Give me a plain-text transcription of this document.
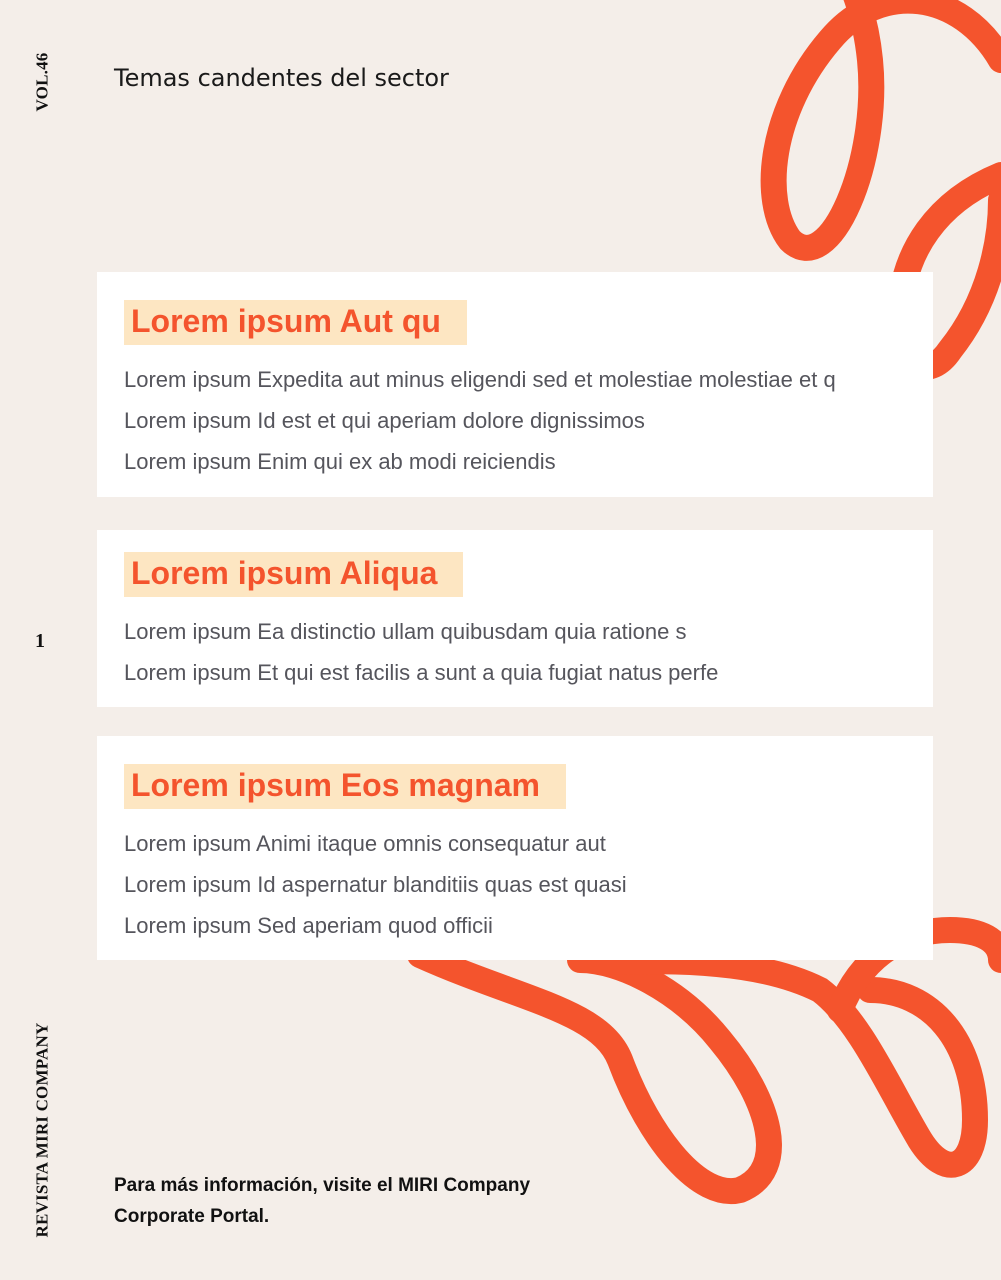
VOL.46
1
REVISTA MIRI COMPANY
Temas candentes del sector
Lorem ipsum Aut qu
Lorem ipsum Expedita aut minus eligendi sed et molestiae molestiae et q
Lorem ipsum Id est et qui aperiam dolore dignissimos
Lorem ipsum Enim qui ex ab modi reiciendis
Lorem ipsum Aliqua
Lorem ipsum Ea distinctio ullam quibusdam quia ratione s
Lorem ipsum Et qui est facilis a sunt a quia fugiat natus perfe
Lorem ipsum Eos magnam
Lorem ipsum Animi itaque omnis consequatur aut
Lorem ipsum Id aspernatur blanditiis quas est quasi
Lorem ipsum Sed aperiam quod officii
Para más información, visite el MIRI Company
Corporate Portal.
